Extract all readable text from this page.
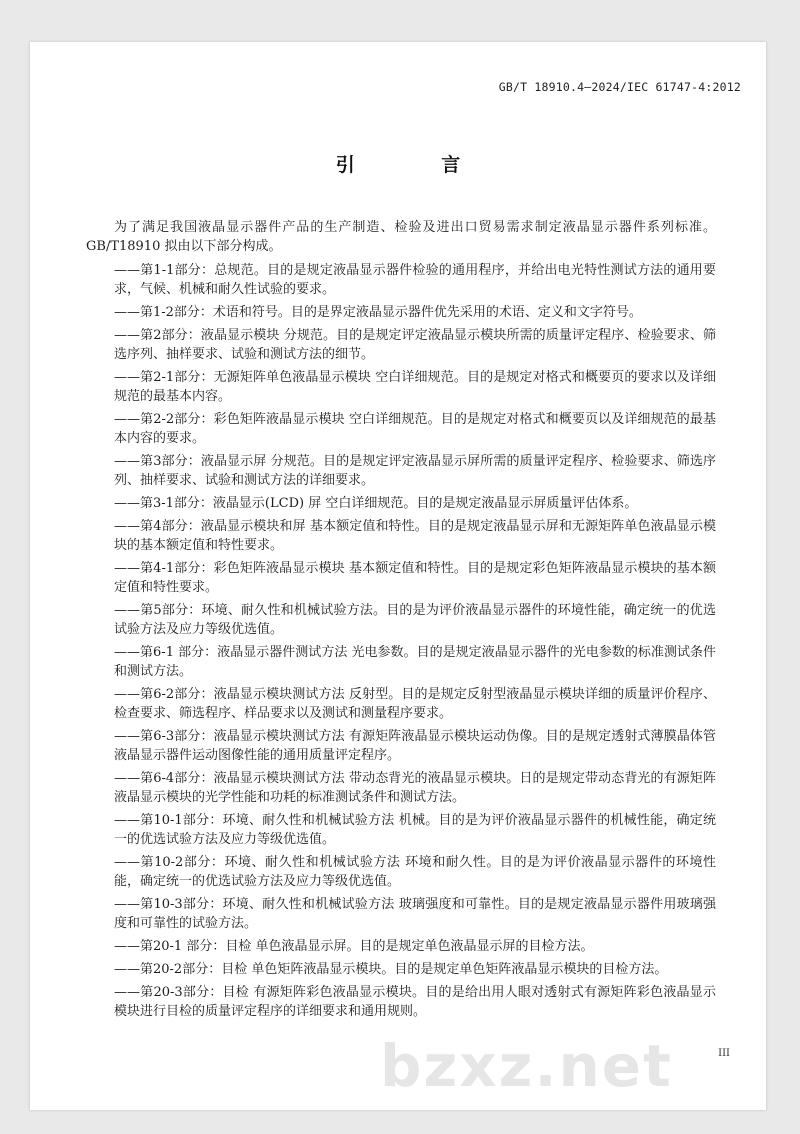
GB/T 18910.4—2024/IEC 61747-4:2012
引 言

为了满足我国液晶显示器件产品的生产制造、检验及进出口贸易需求制定液晶显示器件系列标准。GB/T18910 拟由以下部分构成。

——第1-1部分：总规范。目的是规定液晶显示器件检验的通用程序，并给出电光特性测试方法的通用要求，气候、机械和耐久性试验的要求。

——第1-2部分：术语和符号。目的是界定液晶显示器件优先采用的术语、定义和文字符号。

——第2部分：液晶显示模块 分规范。目的是规定评定液晶显示模块所需的质量评定程序、检验要求、筛选序列、抽样要求、试验和测试方法的细节。

——第2-1部分：无源矩阵单色液晶显示模块 空白详细规范。目的是规定对格式和概要页的要求以及详细规范的最基本内容。

——第2-2部分：彩色矩阵液晶显示模块 空白详细规范。目的是规定对格式和概要页以及详细规范的最基本内容的要求。

——第3部分：液晶显示屏 分规范。目的是规定评定液晶显示屏所需的质量评定程序、检验要求、筛选序列、抽样要求、试验和测试方法的详细要求。

——第3-1部分：液晶显示(LCD) 屏 空白详细规范。目的是规定液晶显示屏质量评估体系。

——第4部分：液晶显示模块和屏 基本额定值和特性。目的是规定液晶显示屏和无源矩阵单色液晶显示模块的基本额定值和特性要求。

——第4-1部分：彩色矩阵液晶显示模块 基本额定值和特性。目的是规定彩色矩阵液晶显示模块的基本额定值和特性要求。

——第5部分：环境、耐久性和机械试验方法。目的是为评价液晶显示器件的环境性能，确定统一的优选试验方法及应力等级优选值。

——第6-1 部分：液晶显示器件测试方法 光电参数。目的是规定液晶显示器件的光电参数的标准测试条件和测试方法。

——第6-2部分：液晶显示模块测试方法 反射型。目的是规定反射型液晶显示模块详细的质量评价程序、检查要求、筛选程序、样品要求以及测试和测量程序要求。

——第6-3部分：液晶显示模块测试方法 有源矩阵液晶显示模块运动伪像。目的是规定透射式薄膜晶体管液晶显示器件运动图像性能的通用质量评定程序。

——第6-4部分：液晶显示模块测试方法 带动态背光的液晶显示模块。日的是规定带动态背光的有源矩阵液晶显示模块的光学性能和功耗的标准测试条件和测试方法。

——第10-1部分：环境、耐久性和机械试验方法 机械。目的是为评价液晶显示器件的机械性能，确定统一的优选试验方法及应力等级优选值。

——第10-2部分：环境、耐久性和机械试验方法 环境和耐久性。目的是为评价液晶显示器件的环境性能，确定统一的优选试验方法及应力等级优选值。

——第10-3部分：环境、耐久性和机械试验方法 玻璃强度和可靠性。目的是规定液晶显示器件用玻璃强度和可靠性的试验方法。

——第20-1 部分：目检 单色液晶显示屏。目的是规定单色液晶显示屏的目检方法。

——第20-2部分：目检 单色矩阵液晶显示模块。目的是规定单色矩阵液晶显示模块的目检方法。

——第20-3部分：目检 有源矩阵彩色液晶显示模块。目的是给出用人眼对透射式有源矩阵彩色液晶显示模块进行目检的质量评定程序的详细要求和通用规则。

bzxz.net	III
